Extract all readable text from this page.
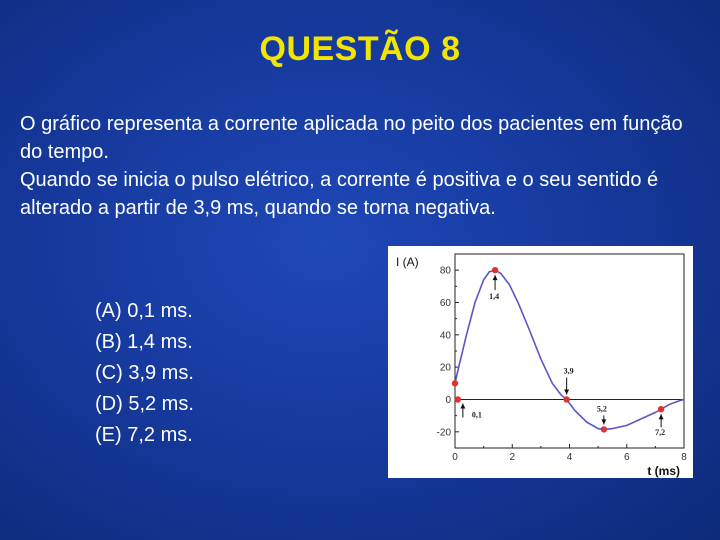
QUESTÃO 8

O gráfico representa a corrente aplicada no peito dos pacientes em função do tempo.

Quando se inicia o pulso elétrico, a corrente é positiva e o seu sentido é alterado a partir de 3,9 ms, quando se torna negativa.

(A) 0,1 ms.
(B) 1,4 ms.
(C) 3,9 ms.
(D) 5,2 ms.
(E) 7,2 ms.	-20
0
20
40
60
80
0	2	4	6	8
I (A)
t (ms)
0,1
1,4
3,9
5,2
7,2
